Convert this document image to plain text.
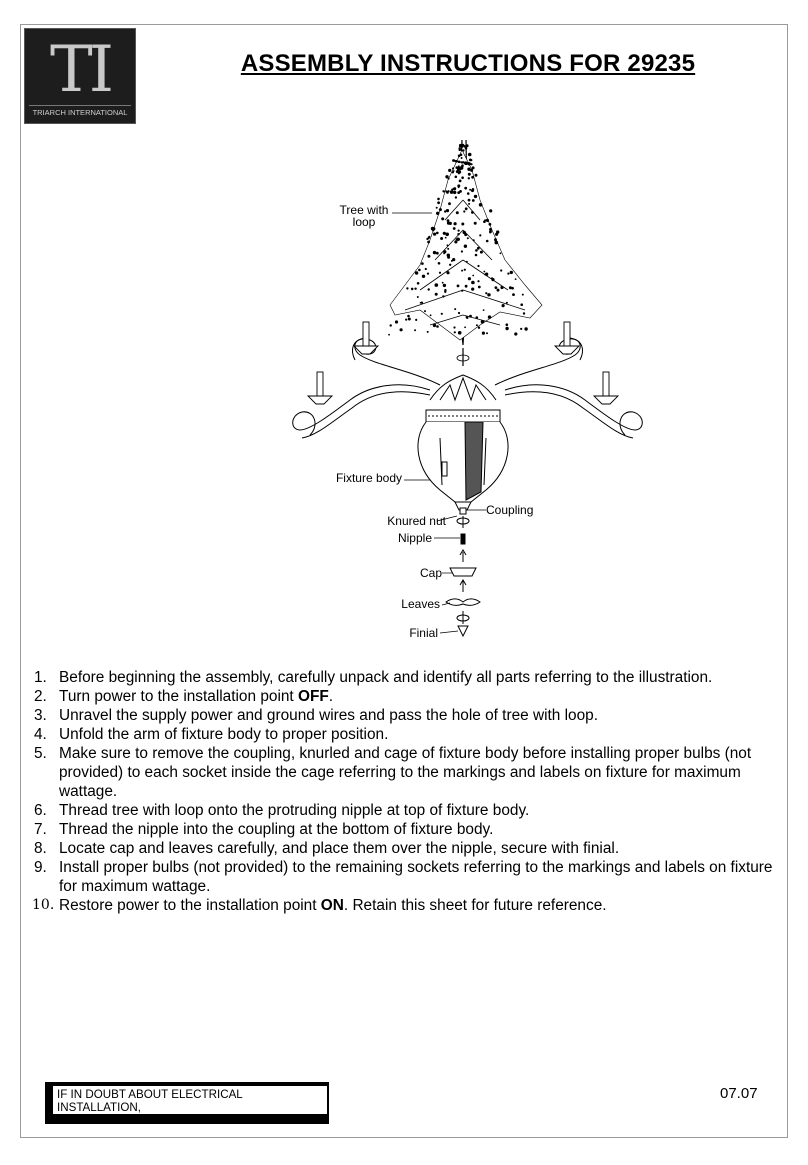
TI
TRIARCH INTERNATIONAL
ASSEMBLY INSTRUCTIONS FOR 29235
Tree with
loop
Fixture body
Coupling
Knured nut
Nipple
Cap
Leaves
Finial
1. Before beginning the assembly, carefully unpack and identify all parts referring to the illustration.
2. Turn power to the installation point OFF.
3. Unravel the supply power and ground wires and pass the hole of tree with loop.
4. Unfold the arm of fixture body to proper position.
5. Make sure to remove the coupling, knurled and cage of fixture body before installing proper bulbs (not provided) to each socket inside the cage referring to the markings and labels on fixture for maximum wattage.
6. Thread tree with loop onto the protruding nipple at top of fixture body.
7. Thread the nipple into the coupling at the bottom of fixture body.
8. Locate cap and leaves carefully, and place them over the nipple, secure with finial.
9. Install proper bulbs (not provided) to the remaining sockets referring to the markings and labels on fixture for maximum wattage.
10. Restore power to the installation point ON. Retain this sheet for future reference.
IF IN DOUBT ABOUT ELECTRICAL INSTALLATION,
CONSULT A LICENSED ELECTRICIAN!
07.07
